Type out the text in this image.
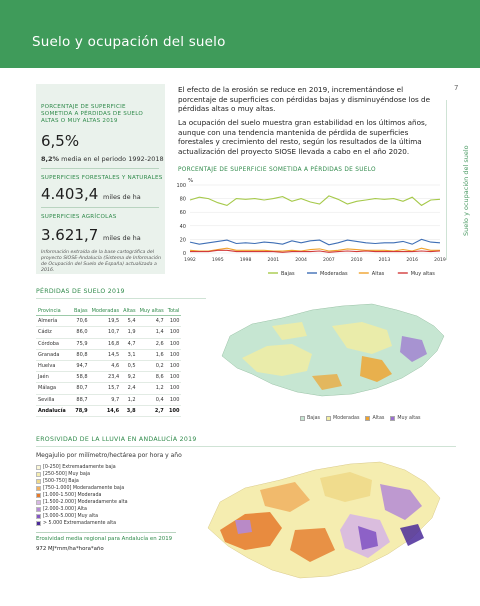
Suelo y ocupación del suelo
7
Suelo y ocupación del suelo
PORCENTAJE DE SUPERFICIE SOMETIDA A PÉRDIDAS DE SUELO ALTAS O MUY ALTAS 2019
6,5%
8,2% media en el periodo 1992-2018
SUPERFICIES FORESTALES Y NATURALES
4.403,4 miles de ha
SUPERFICIES AGRÍCOLAS
3.621,7 miles de ha
Información extraída de la base cartográfica del proyecto SIOSE-Andalucía (Sistema de Información de Ocupación del Suelo de España) actualizada a 2016.
El efecto de la erosión se reduce en 2019, incrementándose el porcentaje de superficies con pérdidas bajas y disminuyéndose los de pérdidas altas o muy altas.
La ocupación del suelo muestra gran estabilidad en los últimos años, aunque con una tendencia mantenida de pérdida de superficies forestales y crecimiento del resto, según los resultados de la última actualización del proyecto SIOSE llevada a cabo en el año 2020.
PORCENTAJE DE SUPERFICIE SOMETIDA A PÉRDIDAS DE SUELO
%
0
20
40
60
80
100
1992	1995	1998	2001	2004	2007	2010	2013	2016	2019
Bajas	Moderadas	Altas	Muy altas
PÉRDIDAS DE SUELO 2019
Provincia	Bajas	Moderadas	Altas	Muy altas	Total
Almería	70,6	19,5	5,4	4,7	100
Cádiz	86,0	10,7	1,9	1,4	100
Córdoba	75,9	16,8	4,7	2,6	100
Granada	80,8	14,5	3,1	1,6	100
Huelva	94,7	4,6	0,5	0,2	100
Jaén	58,8	23,4	9,2	8,6	100
Málaga	80,7	15,7	2,4	1,2	100
Sevilla	88,7	9,7	1,2	0,4	100
Andalucía	78,9	14,6	3,8	2,7	100
Bajas	Moderadas	Altas	Muy altas
EROSIVIDAD DE LA LLUVIA EN ANDALUCÍA 2019
Megajulio por milímetro/hectárea por hora y año
[0-250] Extremadamente baja
[250-500] Muy baja
[500-750] Baja
[750-1.000] Moderadamente baja
[1.000-1.500] Moderada
[1.500-2.000] Moderadamente alta
[2.000-3.000] Alta
[3.000-5.000] Muy alta
> 5.000 Extremadamente alta
Erosividad media regional para Andalucía en 2019
972 MJ*mm/ha*hora*año
